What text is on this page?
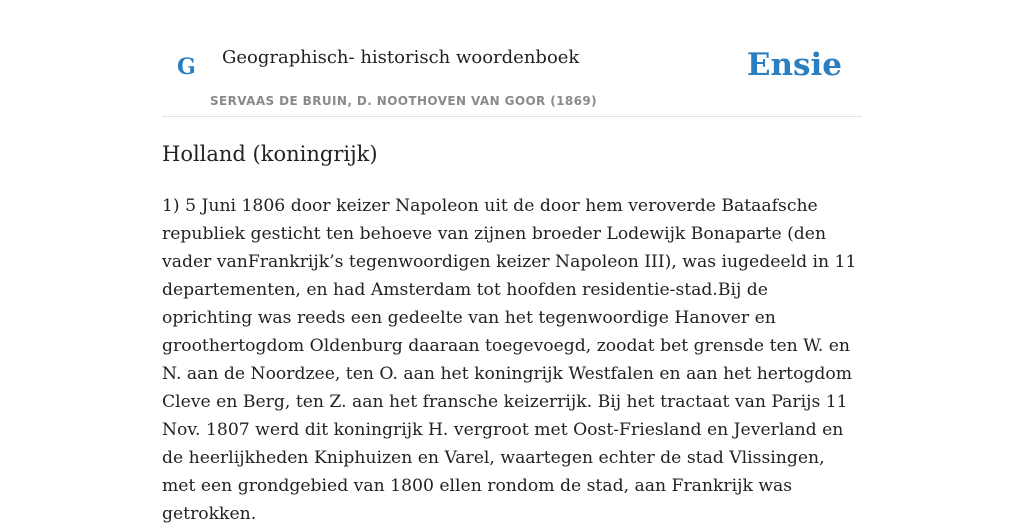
G Geographisch- historisch woordenboek
SERVAAS DE BRUIN, D. NOOTHOVEN VAN GOOR (1869)
Ensie
Holland (koningrijk)

1) 5 Juni 1806 door keizer Napoleon uit de door hem veroverde Bataafsche republiek gesticht ten behoeve van zijnen broeder Lodewijk Bonaparte (den vader vanFrankrijk’s tegenwoordigen keizer Napoleon III), was iugedeeld in 11 departementen, en had Amsterdam tot hoofden residentie-stad.Bij de oprichting was reeds een gedeelte van het tegenwoordige Hanover en groothertogdom Oldenburg daaraan toegevoegd, zoodat bet grensde ten W. en N. aan de Noordzee, ten O. aan het koningrijk Westfalen en aan het hertogdom Cleve en Berg, ten Z. aan het fransche keizerrijk. Bij het tractaat van Parijs 11 Nov. 1807 werd dit koningrijk H. vergroot met Oost-Friesland en Jeverland en de heerlijkheden Kniphuizen en Varel, waartegen echter de stad Vlissingen, met een grondgebied van 1800 ellen rondom de stad, aan Frankrijk was getrokken.
